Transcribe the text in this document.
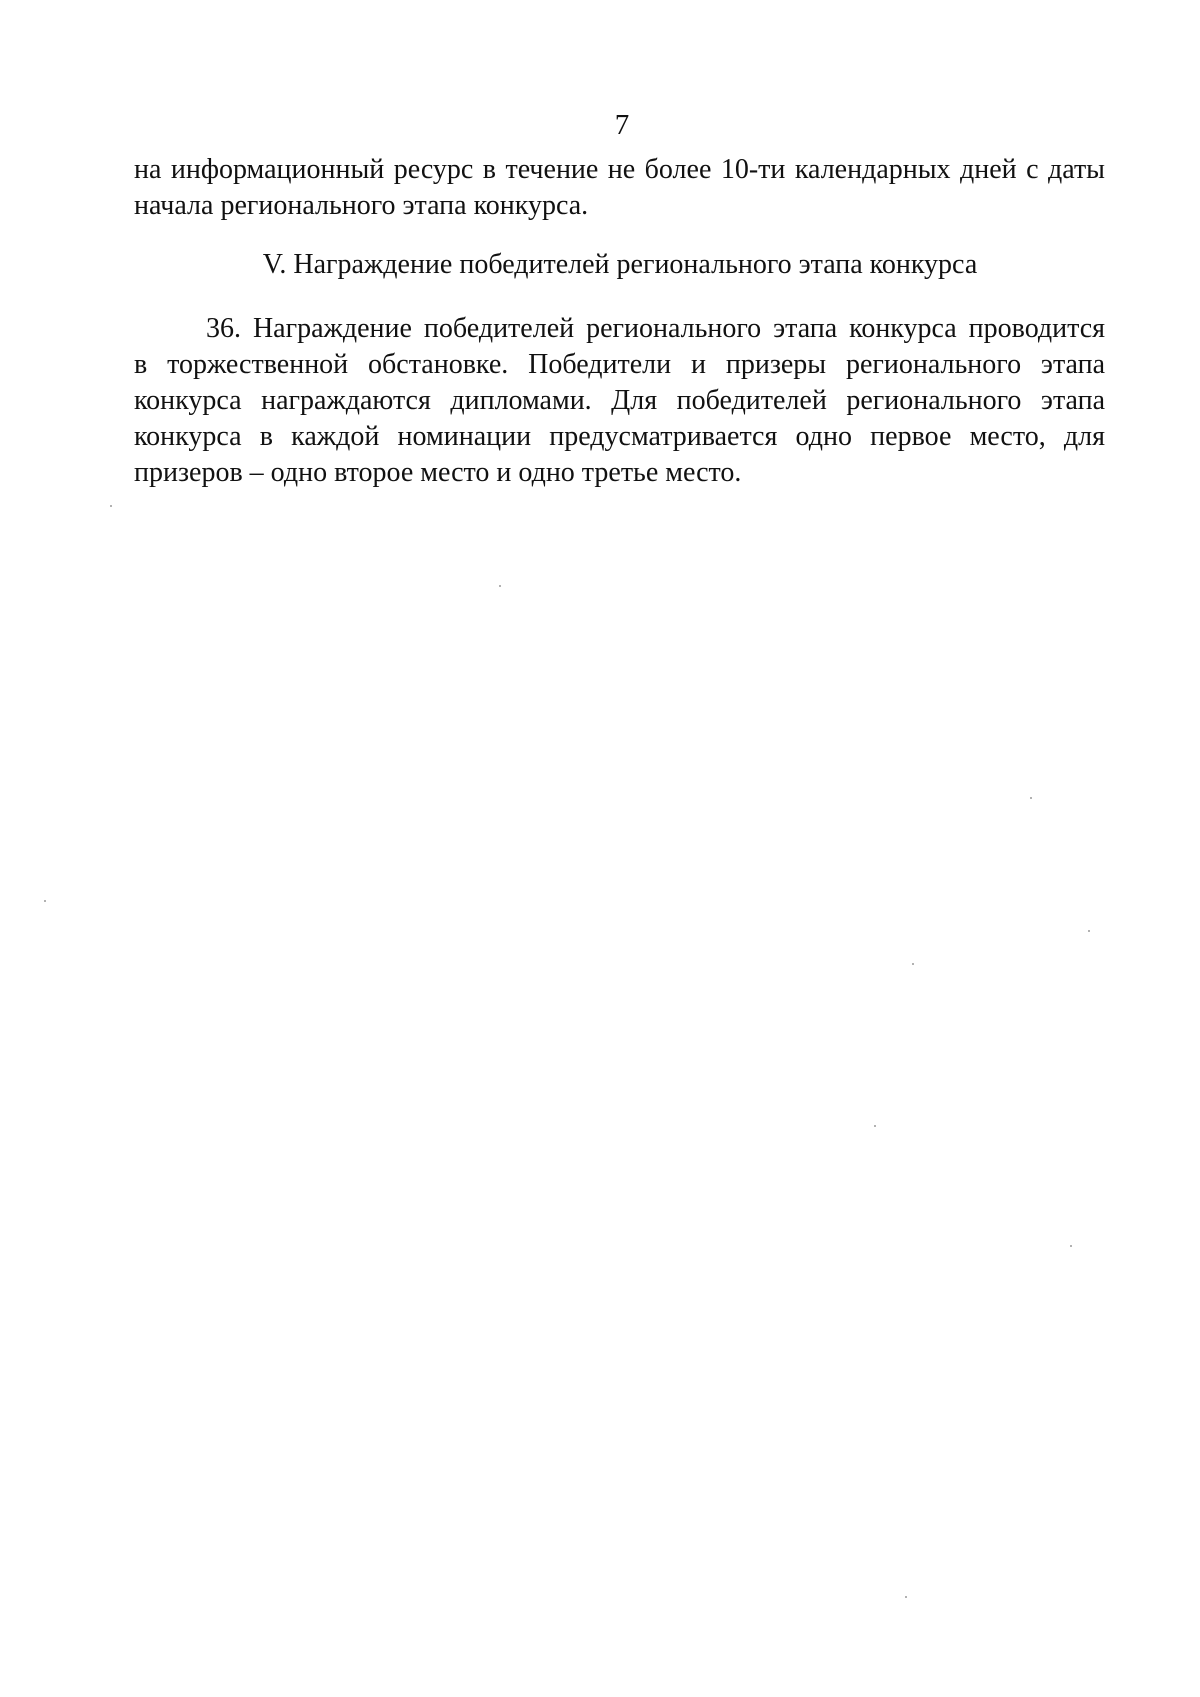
7
на информационный ресурс в течение не более 10-ти календарных дней с даты
начала регионального этапа конкурса.
V. Награждение победителей регионального этапа конкурса
36. Награждение победителей регионального этапа конкурса проводится
в торжественной обстановке. Победители и призеры регионального этапа
конкурса награждаются дипломами. Для победителей регионального этапа
конкурса в каждой номинации предусматривается одно первое место, для
призеров – одно второе место и одно третье место.
